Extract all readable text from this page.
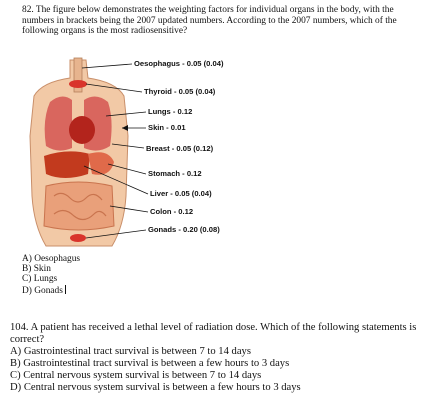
82. The figure below demonstrates the weighting factors for individual organs in the body, with the numbers in brackets being the 2007 updated numbers. According to the 2007 numbers, which of the following organs is the most radiosensitive?
Oesophagus - 0.05 (0.04)
Thyroid - 0.05 (0.04)
Lungs - 0.12
Skin - 0.01
Breast - 0.05 (0.12)
Stomach - 0.12
Liver - 0.05 (0.04)
Colon - 0.12
Gonads - 0.20 (0.08)
A) Oesophagus
B) Skin
C) Lungs
D) Gonads
104. A patient has received a lethal level of radiation dose. Which of the following statements is correct?
A) Gastrointestinal tract survival is between 7 to 14 days
B) Gastrointestinal tract survival is between a few hours to 3 days
C) Central nervous system survival is between 7 to 14 days
D) Central nervous system survival is between a few hours to 3 days
